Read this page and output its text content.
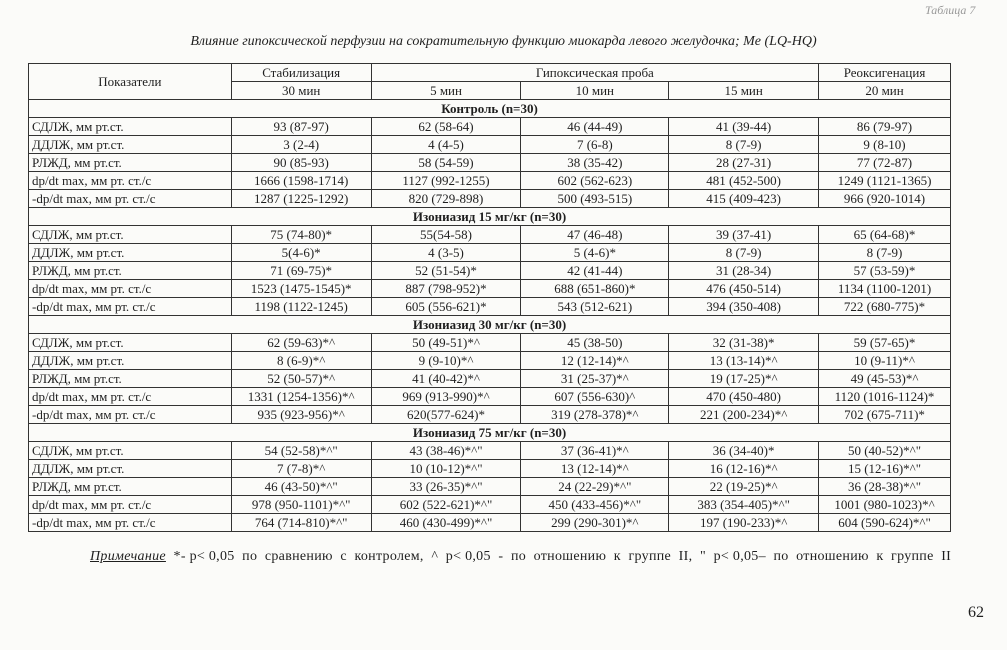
Таблица 7
Влияние гипоксической перфузии на сократительную функцию миокарда левого желудочка; Me (LQ-HQ)
Показатели	Стабилизация	Гипоксическая проба			Реоксигенация
	30 мин	5 мин	10 мин	15 мин	20 мин
Контроль (n=30)					
СДЛЖ, мм рт.ст.	93 (87-97)	62 (58-64)	46 (44-49)	41 (39-44)	86 (79-97)
ДДЛЖ, мм рт.ст.	3 (2-4)	4 (4-5)	7 (6-8)	8 (7-9)	9 (8-10)
РЛЖД, мм рт.ст.	90 (85-93)	58 (54-59)	38 (35-42)	28 (27-31)	77 (72-87)
dp/dt max, мм рт. ст./с	1666 (1598-1714)	1127 (992-1255)	602 (562-623)	481 (452-500)	1249 (1121-1365)
-dp/dt max, мм рт. ст./с	1287 (1225-1292)	820 (729-898)	500 (493-515)	415 (409-423)	966 (920-1014)
Изониазид 15 мг/кг (n=30)					
СДЛЖ, мм рт.ст.	75 (74-80)*	55(54-58)	47 (46-48)	39 (37-41)	65 (64-68)*
ДДЛЖ, мм рт.ст.	5(4-6)*	4 (3-5)	5 (4-6)*	8 (7-9)	8 (7-9)
РЛЖД, мм рт.ст.	71 (69-75)*	52 (51-54)*	42 (41-44)	31 (28-34)	57 (53-59)*
dp/dt max, мм рт. ст./с	1523 (1475-1545)*	887 (798-952)*	688 (651-860)*	476 (450-514)	1134 (1100-1201)
-dp/dt max, мм рт. ст./с	1198 (1122-1245)	605 (556-621)*	543 (512-621)	394 (350-408)	722 (680-775)*
Изониазид 30 мг/кг (n=30)					
СДЛЖ, мм рт.ст.	62 (59-63)*^	50 (49-51)*^	45 (38-50)	32 (31-38)*	59 (57-65)*
ДДЛЖ, мм рт.ст.	8 (6-9)*^	9 (9-10)*^	12 (12-14)*^	13 (13-14)*^	10 (9-11)*^
РЛЖД, мм рт.ст.	52 (50-57)*^	41 (40-42)*^	31 (25-37)*^	19 (17-25)*^	49 (45-53)*^
dp/dt max, мм рт. ст./с	1331 (1254-1356)*^	969 (913-990)*^	607 (556-630)^	470 (450-480)	1120 (1016-1124)*
-dp/dt max, мм рт. ст./с	935 (923-956)*^	620(577-624)*	319 (278-378)*^	221 (200-234)*^	702 (675-711)*
Изониазид 75 мг/кг (n=30)					
СДЛЖ, мм рт.ст.	54 (52-58)*^"	43 (38-46)*^"	37 (36-41)*^	36 (34-40)*	50 (40-52)*^"
ДДЛЖ, мм рт.ст.	7 (7-8)*^	10 (10-12)*^"	13 (12-14)*^	16 (12-16)*^	15 (12-16)*^"
РЛЖД, мм рт.ст.	46 (43-50)*^"	33 (26-35)*^"	24 (22-29)*^"	22 (19-25)*^	36 (28-38)*^"
dp/dt max, мм рт. ст./с	978 (950-1101)*^"	602 (522-621)*^"	450 (433-456)*^"	383 (354-405)*^"	1001 (980-1023)*^
-dp/dt max, мм рт. ст./с	764 (714-810)*^"	460 (430-499)*^"	299 (290-301)*^	197 (190-233)*^	604 (590-624)*^"
Примечание  *- p< 0,05  по  сравнению  с  контролем,  ^  p< 0,05  -  по  отношению  к  группе  II,  "  p< 0,05–  по  отношению  к  группе  II
62
